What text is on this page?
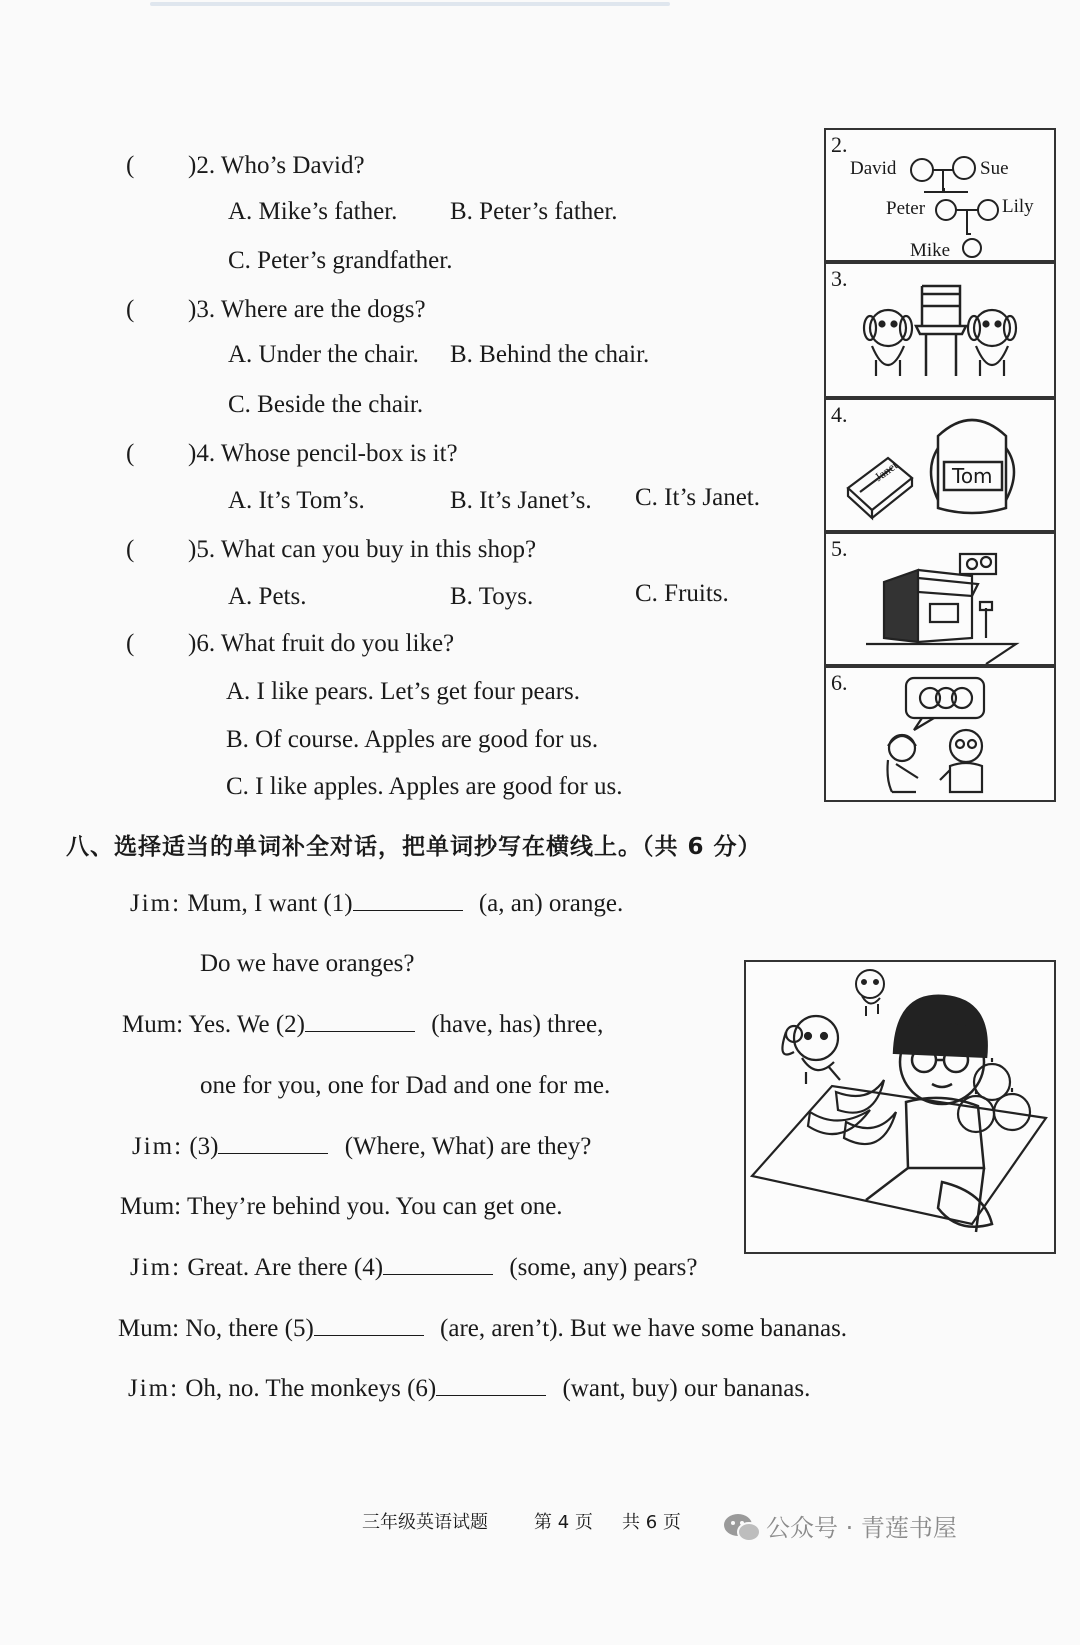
( )2. Who’s David?
A. Mike’s father. B. Peter’s father.
C. Peter’s grandfather.
( )3. Where are the dogs?
A. Under the chair. B. Behind the chair.
C. Beside the chair.
( )4. Whose pencil-box is it?
A. It’s Tom’s.	B. It’s Janet’s. C. It’s Janet.
( )5. What can you buy in this shop?
A. Pets.	B. Toys.	C. Fruits.
( )6. What fruit do you like?
A. I like pears. Let’s get four pears.
B. Of course. Apples are good for us.
C. I like apples. Apples are good for us.
2.
David	Sue
Peter	Lily
Mike
3.
4.
Janet	Tom
5.
6.
八、选择适当的单词补全对话，把单词抄写在横线上。（共 6 分）
Jim: Mum, I want (1)	(a, an) orange.
Do we have oranges?
Mum: Yes. We (2)	(have, has) three,
one for you, one for Dad and one for me.
Jim: (3)	(Where, What) are they?
Mum: They’re behind you. You can get one.
Jim: Great. Are there (4)	(some, any) pears?
Mum: No, there (5)	(are, aren’t). But we have some bananas.
Jim: Oh, no. The monkeys (6)	(want, buy) our bananas.
三年级英语试题	第 4 页 共 6 页	公众号 · 青莲书屋
